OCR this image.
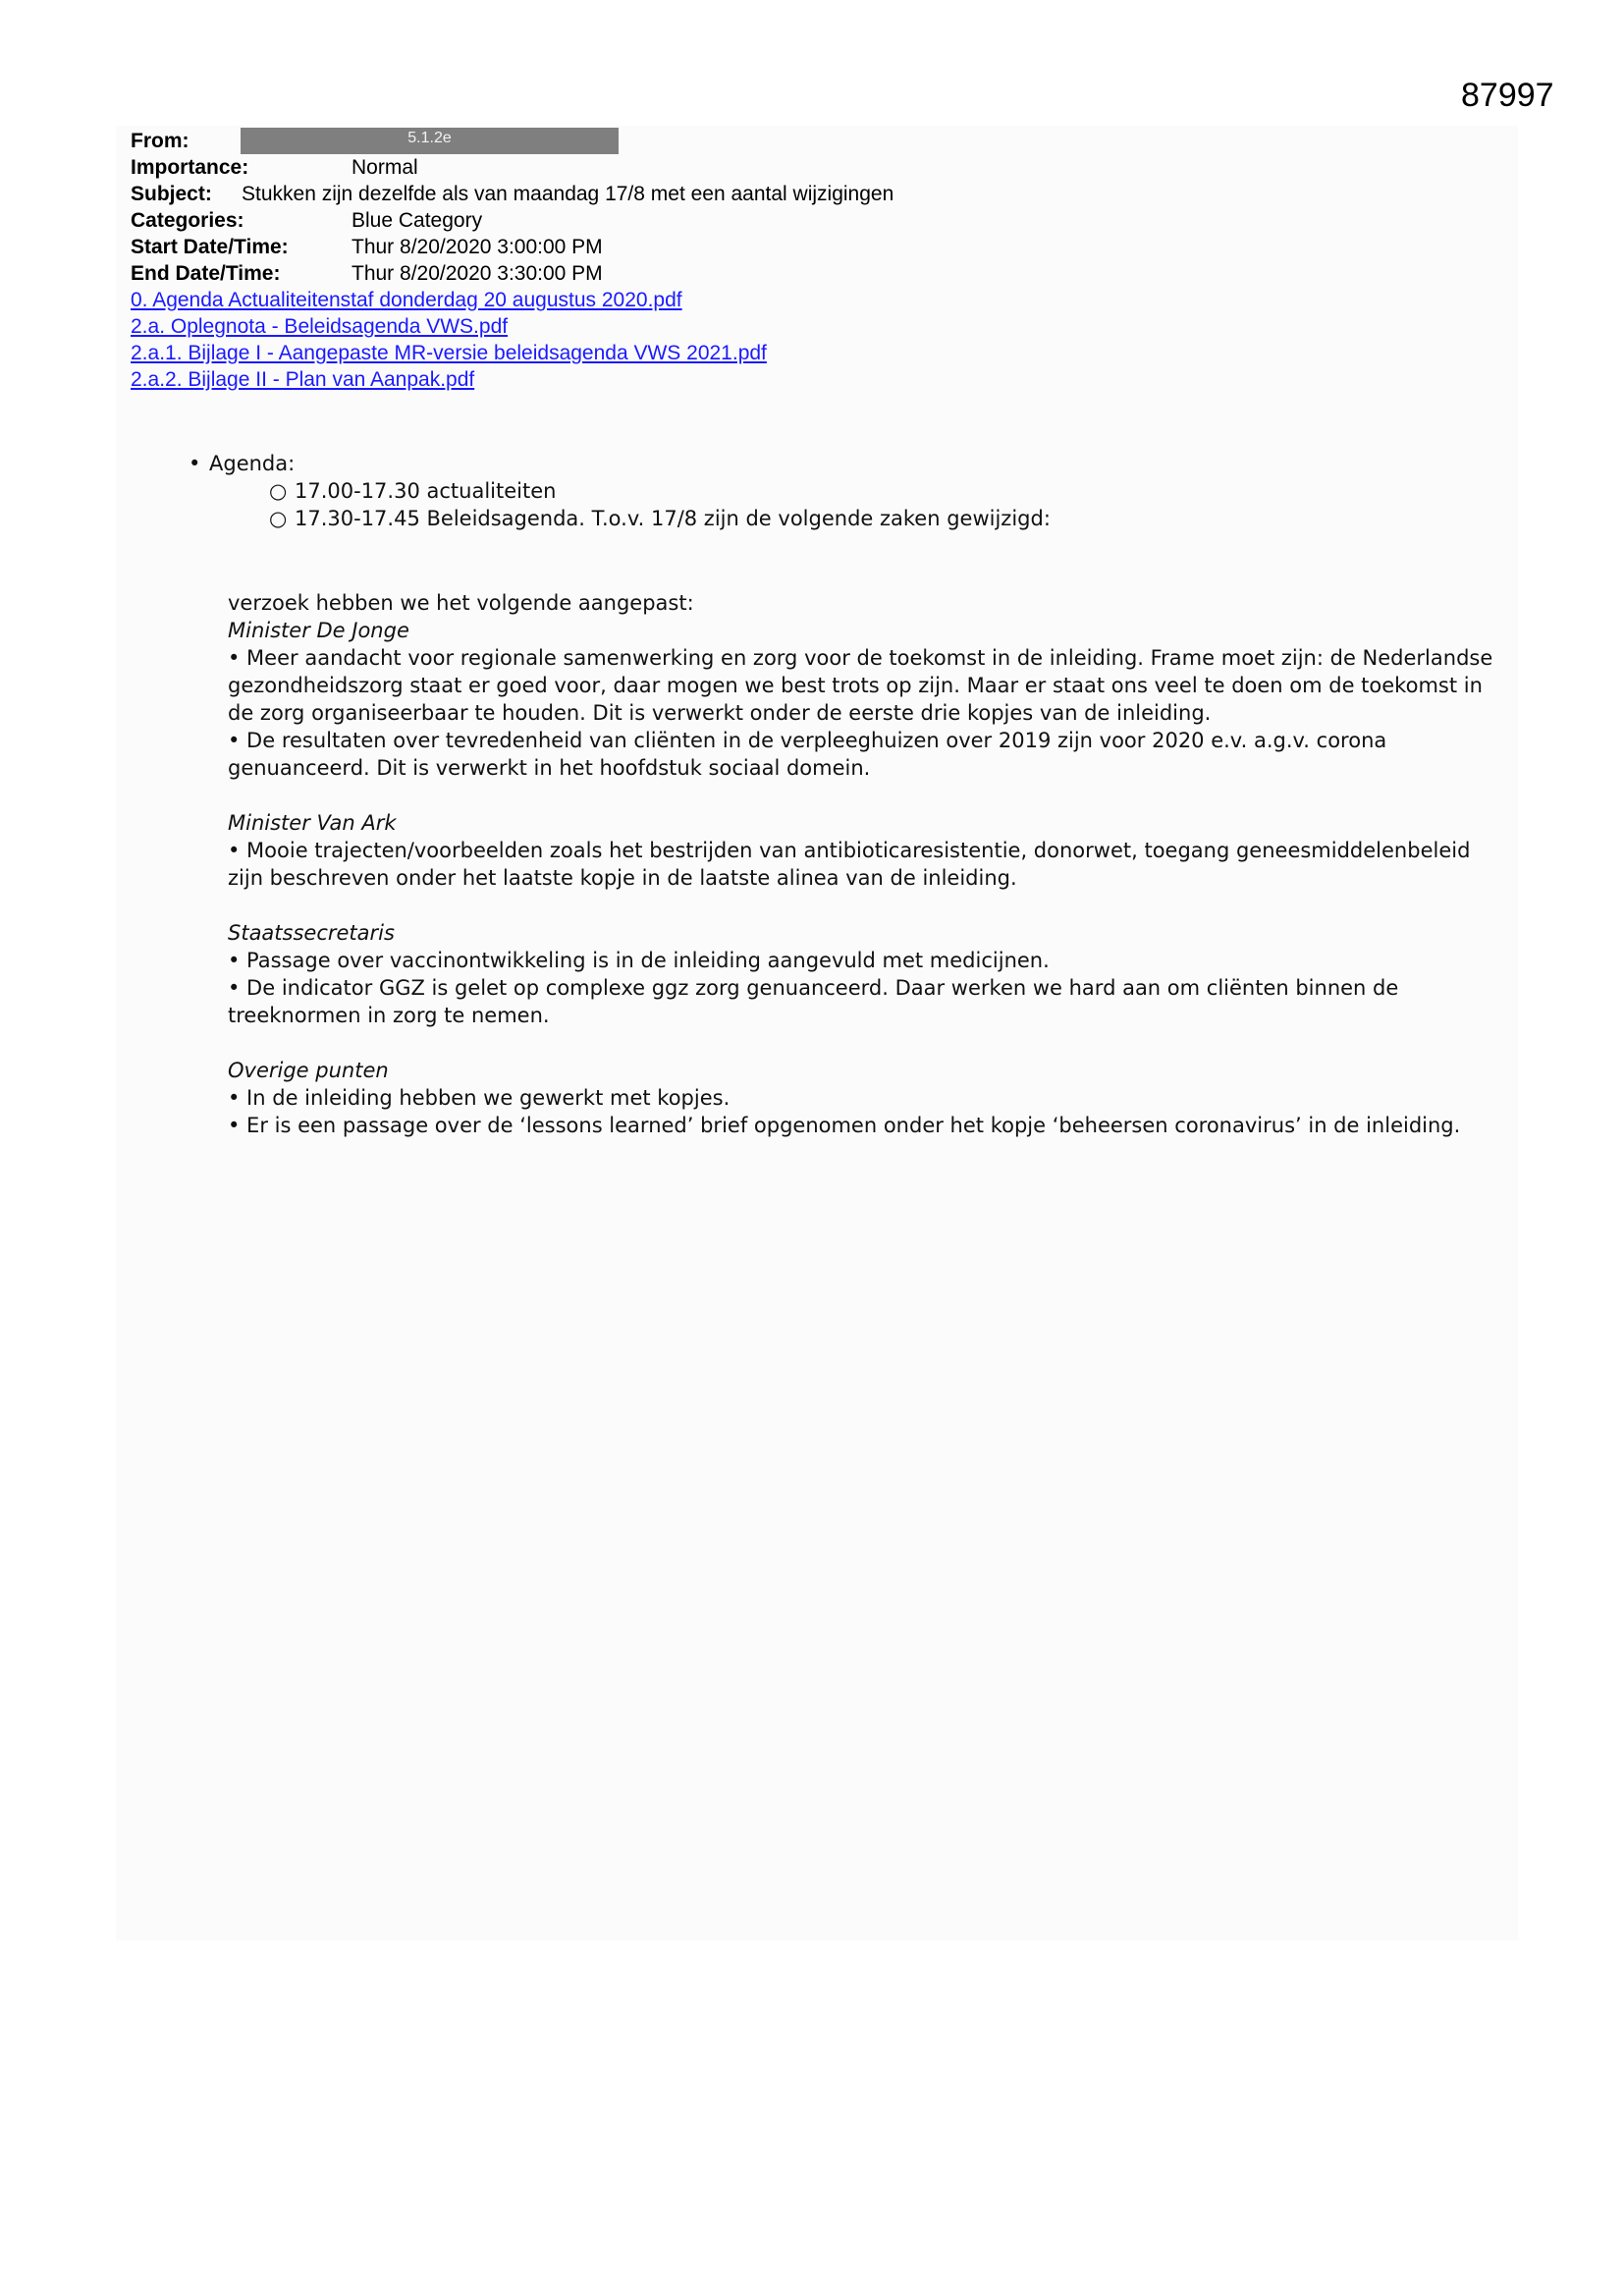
87997
From:	5.1.2e
Importance:	Normal
Subject:	Stukken zijn dezelfde als van maandag 17/8 met een aantal wijzigingen
Categories:	Blue Category
Start Date/Time:	Thur 8/20/2020 3:00:00 PM
End Date/Time:	Thur 8/20/2020 3:30:00 PM
0. Agenda Actualiteitenstaf donderdag 20 augustus 2020.pdf
2.a. Oplegnota - Beleidsagenda VWS.pdf
2.a.1. Bijlage I - Aangepaste MR-versie beleidsagenda VWS 2021.pdf
2.a.2. Bijlage II - Plan van Aanpak.pdf
• Agenda:
○ 17.00-17.30 actualiteiten
○ 17.30-17.45 Beleidsagenda. T.o.v. 17/8 zijn de volgende zaken gewijzigd:

verzoek hebben we het volgende aangepast:

Minister De Jonge

• Meer aandacht voor regionale samenwerking en zorg voor de toekomst in de inleiding. Frame moet zijn: de Nederlandse gezondheidszorg staat er goed voor, daar mogen we best trots op zijn. Maar er staat ons veel te doen om de toekomst in de zorg organiseerbaar te houden. Dit is verwerkt onder de eerste drie kopjes van de inleiding.

• De resultaten over tevredenheid van cliënten in de verpleeghuizen over 2019 zijn voor 2020 e.v. a.g.v. corona genuanceerd. Dit is verwerkt in het hoofdstuk sociaal domein.

Minister Van Ark

• Mooie trajecten/voorbeelden zoals het bestrijden van antibioticaresistentie, donorwet, toegang geneesmiddelenbeleid zijn beschreven onder het laatste kopje in de laatste alinea van de inleiding.

Staatssecretaris

• Passage over vaccinontwikkeling is in de inleiding aangevuld met medicijnen.

• De indicator GGZ is gelet op complexe ggz zorg genuanceerd. Daar werken we hard aan om cliënten binnen de treeknormen in zorg te nemen.

Overige punten

• In de inleiding hebben we gewerkt met kopjes.

• Er is een passage over de ‘lessons learned’ brief opgenomen onder het kopje ‘beheersen coronavirus’ in de inleiding.
